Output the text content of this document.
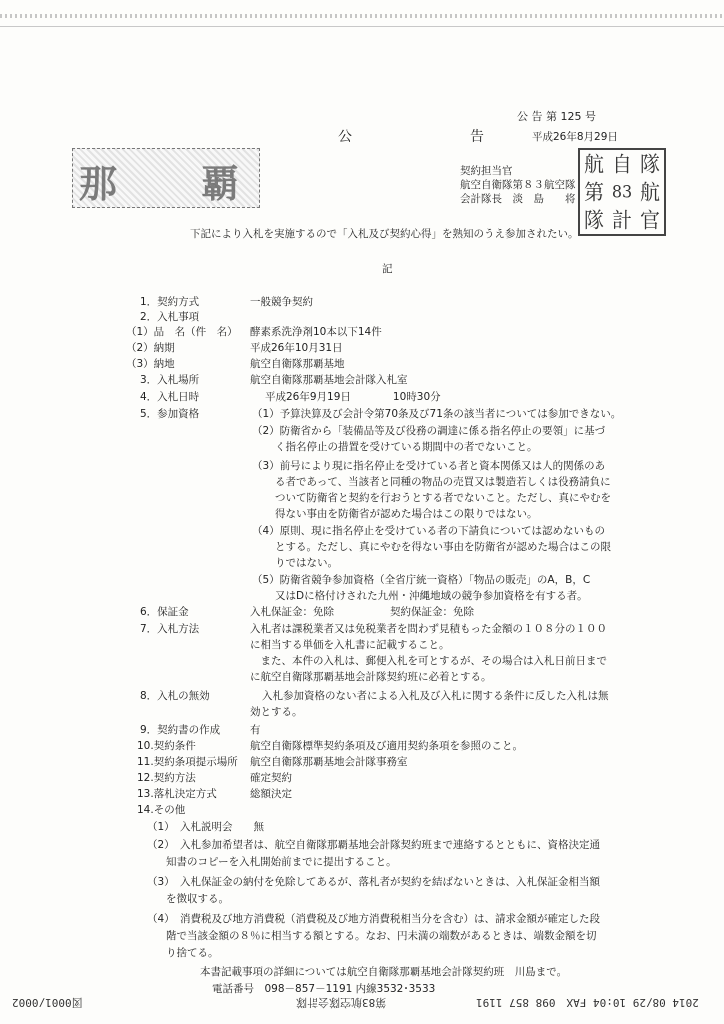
公 告 第 125 号
公　告
平成26年8月29日
那 覇	契約担当官
航空自衛隊第８３航空隊
会計隊長　淡　島　　将
航 自 隊
第 83 航
隊 計 官
下記により入札を実施するので「入札及び契約心得」を熟知のうえ参加されたい。
記
1．契約方式	一般競争契約
2．入札事項
（1）品　名（件　名） 酵素系洗浄剤10本以下14件
（2）納期	平成26年10月31日
（3）納地	航空自衛隊那覇基地
3．入札場所	航空自衛隊那覇基地会計隊入札室
4．入札日時	平成26年9月19日　　　　10時30分
5．参加資格	（1）予算決算及び会計令第70条及び71条の該当者については参加できない。
（2）防衛省から「装備品等及び役務の調達に係る指名停止の要領」に基づ
く指名停止の措置を受けている期間中の者でないこと。
（3）前号により現に指名停止を受けている者と資本関係又は人的関係のあ
る者であって、当該者と同種の物品の売買又は製造若しくは役務請負に
ついて防衛省と契約を行おうとする者でないこと。ただし、真にやむを
得ない事由を防衛省が認めた場合はこの限りではない。
（4）原則、現に指名停止を受けている者の下請負については認めないもの
とする。ただし、真にやむを得ない事由を防衛省が認めた場合はこの限
りではない。
（5）防衛省競争参加資格（全省庁統一資格）「物品の販売」のA，B，C
又はDに格付けされた九州・沖縄地域の競争参加資格を有する者。
6．保証金	入札保証金：免除	契約保証金：免除
7．入札方法	入札者は課税業者又は免税業者を問わず見積もった金額の１０８分の１００
に相当する単価を入札書に記載すること。
　また、本件の入札は、郵便入札を可とするが、その場合は入札日前日まで
に航空自衛隊那覇基地会計隊契約班に必着とする。
8．入札の無効	入札参加資格のない者による入札及び入札に関する条件に反した入札は無
効とする。
9．契約書の作成	有
10.契約条件	航空自衛隊標準契約条項及び適用契約条項を参照のこと。
11.契約条項提示場所 航空自衛隊那覇基地会計隊事務室
12.契約方法	確定契約
13.落札決定方式	総額決定
14.その他
（1） 入札説明会　　無
（2） 入札参加希望者は、航空自衛隊那覇基地会計隊契約班まで連絡するとともに、資格決定通
知書のコピーを入札開始前までに提出すること。
（3） 入札保証金の納付を免除してあるが、落札者が契約を結ばないときは、入札保証金相当額
を徴収する。
（4） 消費税及び地方消費税（消費税及び地方消費税相当分を含む）は、請求金額が確定した段
階で当該金額の８％に相当する額とする。なお、円未満の端数があるときは、端数金額を切
り捨てる。
本書記載事項の詳細については航空自衛隊那覇基地会計隊契約班　川島まで。
電話番号　098－857－1191 内線3532･3533
図0001/0002	第83航空隊会計隊	2014 08/29 10:04 FAX　098 857 1191
